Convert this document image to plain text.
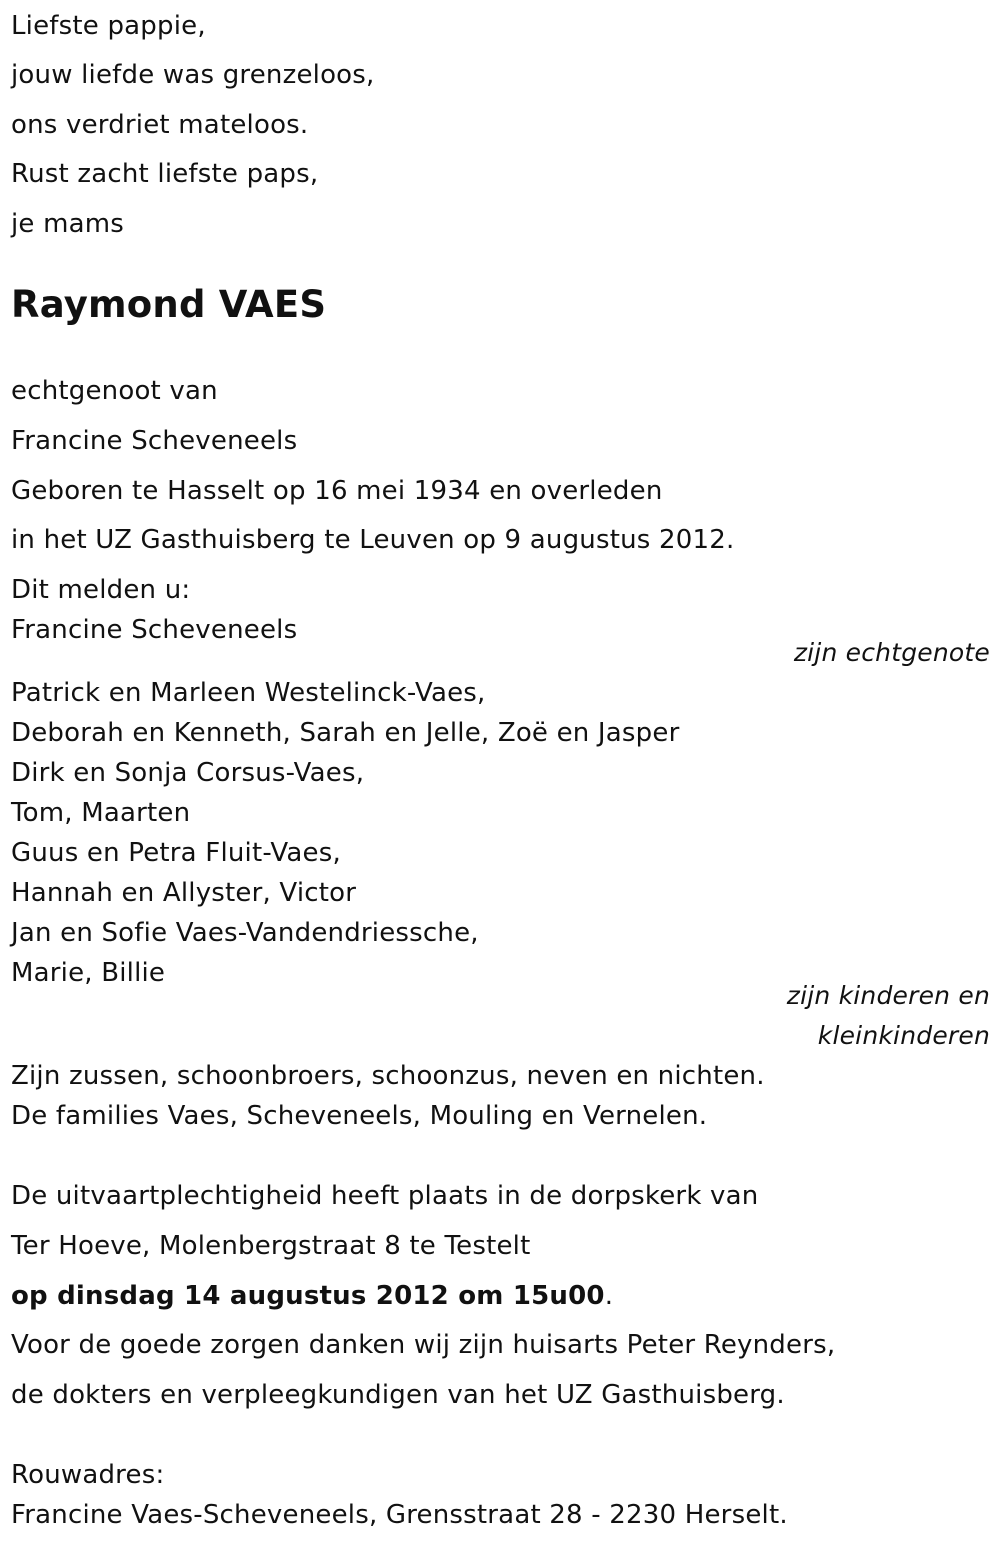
Liefste pappie,
jouw liefde was grenzeloos,
ons verdriet mateloos.
Rust zacht liefste paps,
je mams
Raymond VAES
echtgenoot van
Francine Scheveneels
Geboren te Hasselt op 16 mei 1934 en overleden
in het UZ Gasthuisberg te Leuven op 9 augustus 2012.
Dit melden u:
Francine Scheveneels
zijn echtgenote
Patrick en Marleen Westelinck-Vaes,
Deborah en Kenneth, Sarah en Jelle, Zoë en Jasper
Dirk en Sonja Corsus-Vaes,
Tom, Maarten
Guus en Petra Fluit-Vaes,
Hannah en Allyster, Victor
Jan en Sofie Vaes-Vandendriessche,
Marie, Billie
zijn kinderen en
kleinkinderen
Zijn zussen, schoonbroers, schoonzus, neven en nichten.
De families Vaes, Scheveneels, Mouling en Vernelen.
De uitvaartplechtigheid heeft plaats in de dorpskerk van
Ter Hoeve, Molenbergstraat 8 te Testelt
op dinsdag 14 augustus 2012 om 15u00.
Voor de goede zorgen danken wij zijn huisarts Peter Reynders,
de dokters en verpleegkundigen van het UZ Gasthuisberg.
Rouwadres:
Francine Vaes-Scheveneels, Grensstraat 28 - 2230 Herselt.
